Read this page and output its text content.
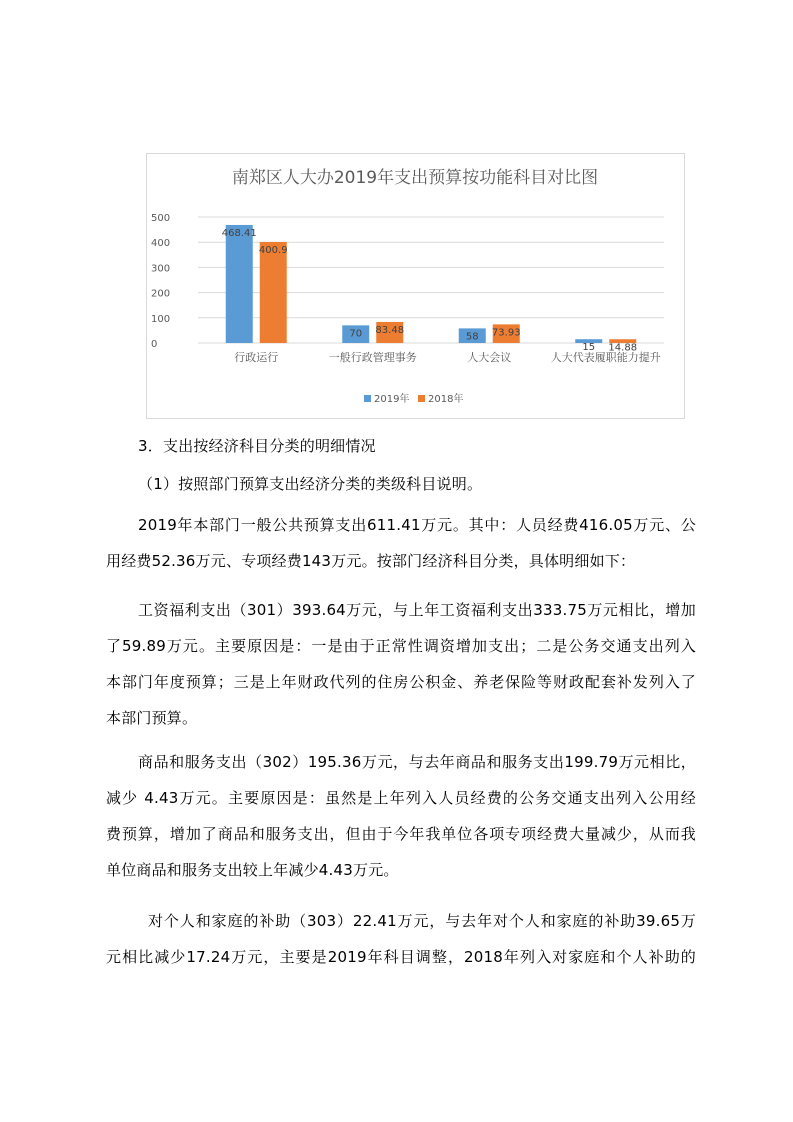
南郑区人大办2019年支出预算按功能科目对比图
0
100
200
300
400
500
行政运行
468.41
400.9
一般行政管理事务
70 83.48
人大会议
58 73.93
人大代表履职能力提升
15 14.88
2019年 2018年

3．支出按经济科目分类的明细情况

（1）按照部门预算支出经济分类的类级科目说明。

2019年本部门一般公共预算支出611.41万元。其中：人员经费416.05万元、公
用经费52.36万元、专项经费143万元。按部门经济科目分类，具体明细如下：

工资福利支出（301）393.64万元，与上年工资福利支出333.75万元相比，增加
了59.89万元。主要原因是：一是由于正常性调资增加支出；二是公务交通支出列入
本部门年度预算；三是上年财政代列的住房公积金、养老保险等财政配套补发列入了
本部门预算。

商品和服务支出（302）195.36万元，与去年商品和服务支出199.79万元相比，
减少 4.43万元。主要原因是：虽然是上年列入人员经费的公务交通支出列入公用经
费预算，增加了商品和服务支出，但由于今年我单位各项专项经费大量减少，从而我
单位商品和服务支出较上年减少4.43万元。

对个人和家庭的补助（303）22.41万元，与去年对个人和家庭的补助39.65万
元相比减少17.24万元，主要是2019年科目调整，2018年列入对家庭和个人补助的
